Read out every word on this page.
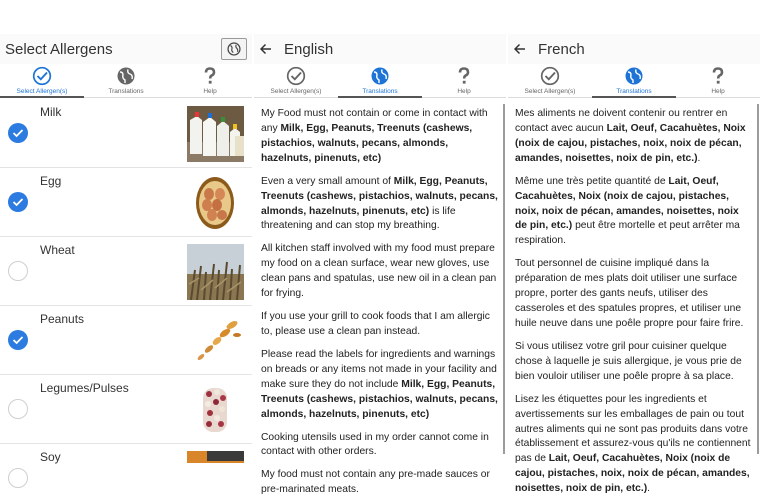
Select Allergens
Select Allergen(s)	Translations	Help
Milk
Egg
Wheat
Peanuts
Legumes/Pulses
Soy
English
Select Allergen(s)	Translations	Help

My Food must not contain or come in contact with any Milk, Egg, Peanuts, Treenuts (cashews, pistachios, walnuts, pecans, almonds, hazelnuts, pinenuts, etc)

Even a very small amount of Milk, Egg, Peanuts, Treenuts (cashews, pistachios, walnuts, pecans, almonds, hazelnuts, pinenuts, etc) is life threatening and can stop my breathing.

All kitchen staff involved with my food must prepare my food on a clean surface, wear new gloves, use clean pans and spatulas, use new oil in a clean pan for frying.

If you use your grill to cook foods that I am allergic to, please use a clean pan instead.

Please read the labels for ingredients and warnings on breads or any items not made in your facility and make sure they do not include Milk, Egg, Peanuts, Treenuts (cashews, pistachios, walnuts, pecans, almonds, hazelnuts, pinenuts, etc)

Cooking utensils used in my order cannot come in contact with other orders.

My food must not contain any pre-made sauces or pre-marinated meats.

French
Select Allergen(s)	Translations	Help

Mes aliments ne doivent contenir ou rentrer en contact avec aucun Lait, Oeuf, Cacahuètes, Noix (noix de cajou, pistaches, noix, noix de pécan, amandes, noisettes, noix de pin, etc.).

Même une très petite quantité de Lait, Oeuf, Cacahuètes, Noix (noix de cajou, pistaches, noix, noix de pécan, amandes, noisettes, noix de pin, etc.) peut être mortelle et peut arrêter ma respiration.

Tout personnel de cuisine impliqué dans la préparation de mes plats doit utiliser une surface propre, porter des gants neufs, utiliser des casseroles et des spatules propres, et utiliser une huile neuve dans une poêle propre pour faire frire.

Si vous utilisez votre gril pour cuisiner quelque chose à laquelle je suis allergique, je vous prie de bien vouloir utiliser une poêle propre à sa place.

Lisez les étiquettes pour les ingredients et avertissements sur les emballages de pain ou tout autres aliments qui ne sont pas produits dans votre établissement et assurez-vous qu'ils ne contiennent pas de Lait, Oeuf, Cacahuètes, Noix (noix de cajou, pistaches, noix, noix de pécan, amandes, noisettes, noix de pin, etc.).
